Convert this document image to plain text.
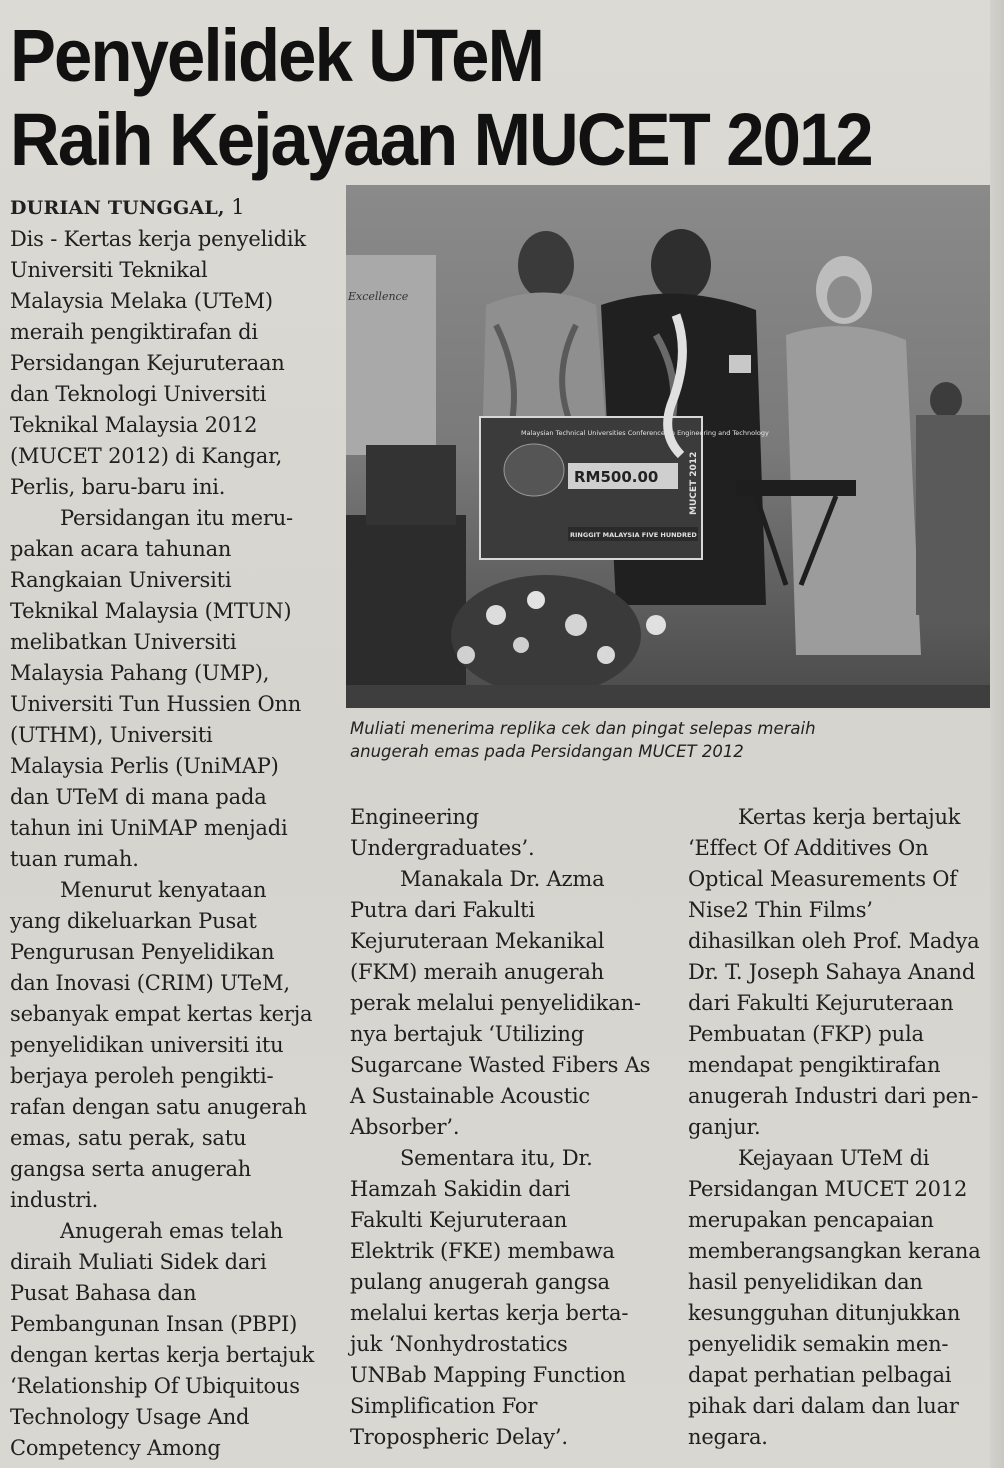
Penyelidek UTeM
Raih Kejayaan MUCET 2012
Excellence
Malaysian Technical Universities Conference on Engineering and Technology
RM500.00
RINGGIT MALAYSIA FIVE HUNDRED
MUCET 2012
Muliati menerima replika cek dan pingat selepas meraih
anugerah emas pada Persidangan MUCET 2012
DURIAN TUNGGAL, 1
Dis - Kertas kerja penyelidik
Universiti Teknikal
Malaysia Melaka (UTeM)
meraih pengiktirafan di
Persidangan Kejuruteraan
dan Teknologi Universiti
Teknikal Malaysia 2012
(MUCET 2012) di Kangar,
Perlis, baru-baru ini.
Persidangan itu meru-
pakan acara tahunan
Rangkaian Universiti
Teknikal Malaysia (MTUN)
melibatkan Universiti
Malaysia Pahang (UMP),
Universiti Tun Hussien Onn
(UTHM), Universiti
Malaysia Perlis (UniMAP)
dan UTeM di mana pada
tahun ini UniMAP menjadi
tuan rumah.
Menurut kenyataan
yang dikeluarkan Pusat
Pengurusan Penyelidikan
dan Inovasi (CRIM) UTeM,
sebanyak empat kertas kerja
penyelidikan universiti itu
berjaya peroleh pengikti-
rafan dengan satu anugerah
emas, satu perak, satu
gangsa serta anugerah
industri.
Anugerah emas telah
diraih Muliati Sidek dari
Pusat Bahasa dan
Pembangunan Insan (PBPI)
dengan kertas kerja bertajuk
‘Relationship Of Ubiquitous
Technology Usage And
Competency Among
Engineering
Undergraduates’.
Manakala Dr. Azma
Putra dari Fakulti
Kejuruteraan Mekanikal
(FKM) meraih anugerah
perak melalui penyelidikan-
nya bertajuk ‘Utilizing
Sugarcane Wasted Fibers As
A Sustainable Acoustic
Absorber’.
Sementara itu, Dr.
Hamzah Sakidin dari
Fakulti Kejuruteraan
Elektrik (FKE) membawa
pulang anugerah gangsa
melalui kertas kerja berta-
juk ‘Nonhydrostatics
UNBab Mapping Function
Simplification For
Tropospheric Delay’.
Kertas kerja bertajuk
‘Effect Of Additives On
Optical Measurements Of
Nise2 Thin Films’
dihasilkan oleh Prof. Madya
Dr. T. Joseph Sahaya Anand
dari Fakulti Kejuruteraan
Pembuatan (FKP) pula
mendapat pengiktirafan
anugerah Industri dari pen-
ganjur.
Kejayaan UTeM di
Persidangan MUCET 2012
merupakan pencapaian
memberangsangkan kerana
hasil penyelidikan dan
kesungguhan ditunjukkan
penyelidik semakin men-
dapat perhatian pelbagai
pihak dari dalam dan luar
negara.
